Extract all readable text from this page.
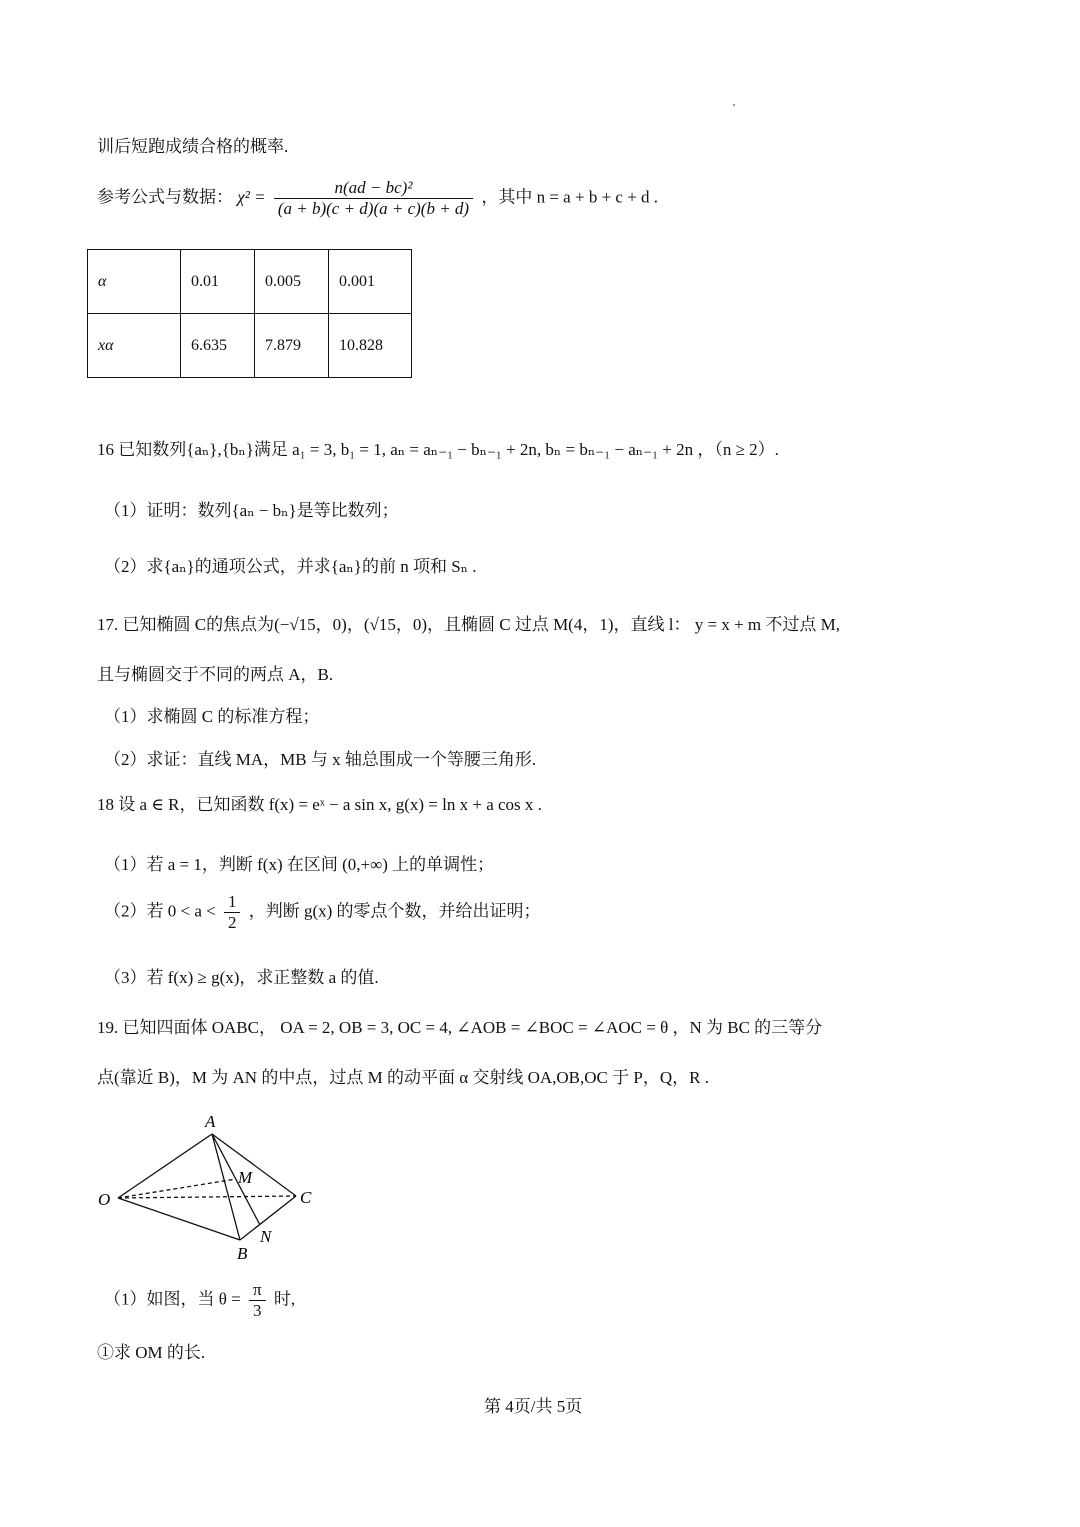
训后短跑成绩合格的概率.
参考公式与数据： $\chi^2 = \frac{\text{n(ad − bc)²}}{(a + b)(c + d)(a + c)(b + d)}$ ，其中 n = a + b + c + d .
α	0.01	0.005	0.001
xα	6.635	7.879	10.828
16 已知数列{aₙ},{bₙ}满足 a₁ = 3, b₁ = 1, aₙ = aₙ₋₁ − bₙ₋₁ + 2n, bₙ = bₙ₋₁ − aₙ₋₁ + 2n ，（n ≥ 2）.
（1）证明：数列{aₙ − bₙ}是等比数列；
（2）求{aₙ}的通项公式，并求{aₙ}的前 n 项和 Sₙ .
17. 已知椭圆 C的焦点为(−√15，0)，(√15，0)，且椭圆 C 过点 M(4，1)，直线 l： y = x + m 不过点 M,
且与椭圆交于不同的两点 A，B.
（1）求椭圆 C 的标准方程；
（2）求证：直线 MA，MB 与 x 轴总围成一个等腰三角形.
18 设 a ∈ R，已知函数 f(x) = eˣ − a sin x, g(x) = ln x + a cos x .
（1）若 a = 1，判断 f(x) 在区间 (0,+∞) 上的单调性；
（2）若 $0 < a < \frac{1}{2}$ ，判断 g(x) 的零点个数，并给出证明；
（3）若 f(x) ≥ g(x)，求正整数 a 的值.
19. 已知四面体 OABC， OA = 2, OB = 3, OC = 4, ∠AOB = ∠BOC = ∠AOC = θ ，N 为 BC 的三等分
点(靠近 B)，M 为 AN 的中点，过点 M 的动平面 α 交射线 OA,OB,OC 于 P，Q，R .
A
M
O	C
N
B
（1）如图，当 $\theta = \frac{\pi}{3}$ 时,
①求 OM 的长.
第 4页/共 5页
